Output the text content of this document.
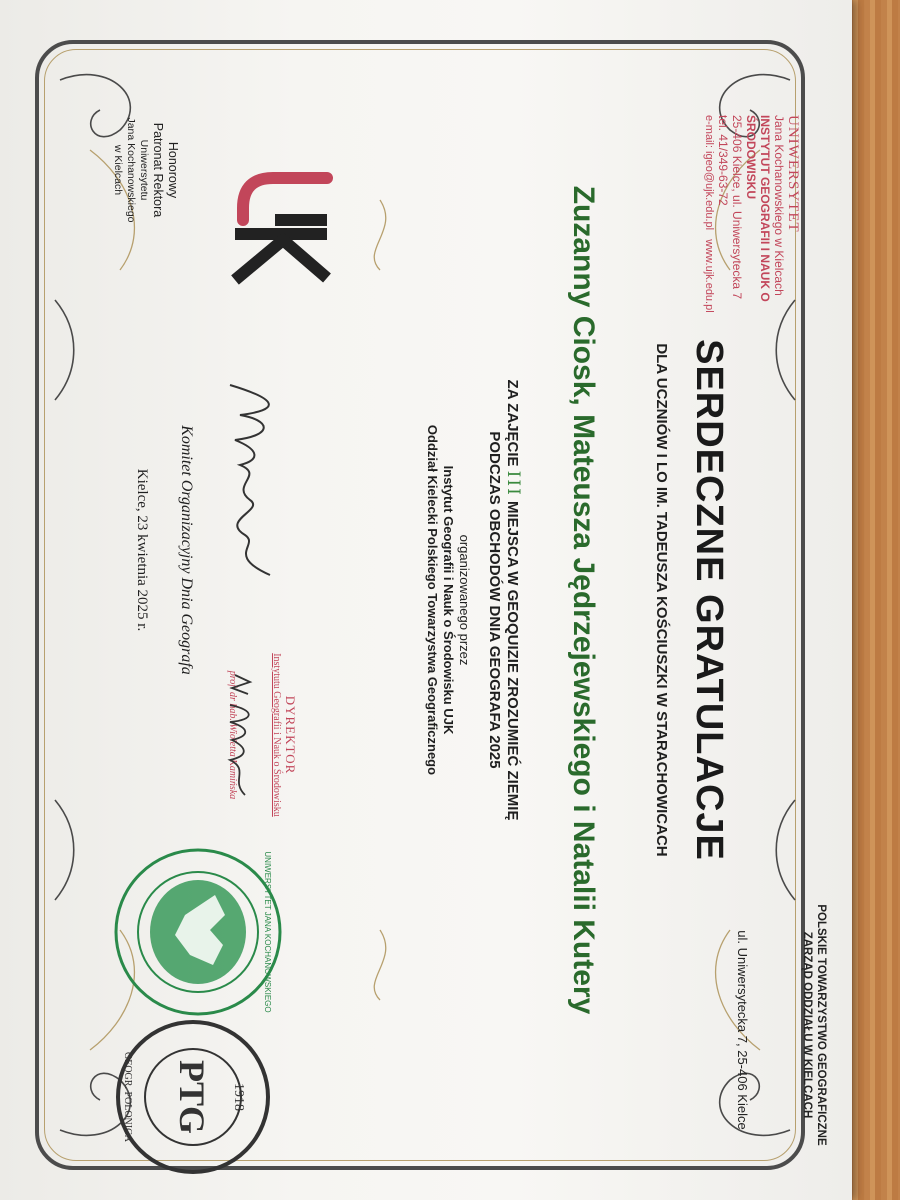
UNIWERSYTET
Jana Kochanowskiego w Kielcach
INSTYTUT GEOGRAFII I NAUK O ŚRODOWISKU
25-406 Kielce, ul. Uniwersytecka 7
tel. 41/349-63-72
e-mail: igeo@ujk.edu.pl   www.ujk.edu.pl
POLSKIE TOWARZYSTWO GEOGRAFICZNE ZARZĄD ODDZIAŁU W KIELCACH
ul. Uniwersytecka 7, 25-406 Kielce
SERDECZNE GRATULACJE
DLA UCZNIÓW I LO IM. TADEUSZA KOŚCIUSZKI W STARACHOWICACH
Zuzanny Ciosk, Mateusza Jędrzejewskiego i Natalii Kutery
ZA ZAJĘCIE III MIEJSCA W GEOQUIZIE ZROZUMIEĆ ZIEMIĘ
PODCZAS OBCHODÓW DNIA GEOGRAFA 2025
organizowanego przez
Instytut Geografii i Nauk o Środowisku UJK
Oddział Kielecki Polskiego Towarzystwa Geograficznego
Honorowy
Patronat Rektora
Uniwersytetu
Jana Kochanowskiego
w Kielcach
Komitet Organizacyjny Dnia Geografa
Kielce, 23 kwietnia 2025 r.
DYREKTOR
Instytutu Geografii i Nauk o Środowisku
prof. dr hab. Wioletta Kamińska
UNIWERSYTET JANA KOCHANOWSKIEGO
PTG 1918
GEOGR. POLONICA
